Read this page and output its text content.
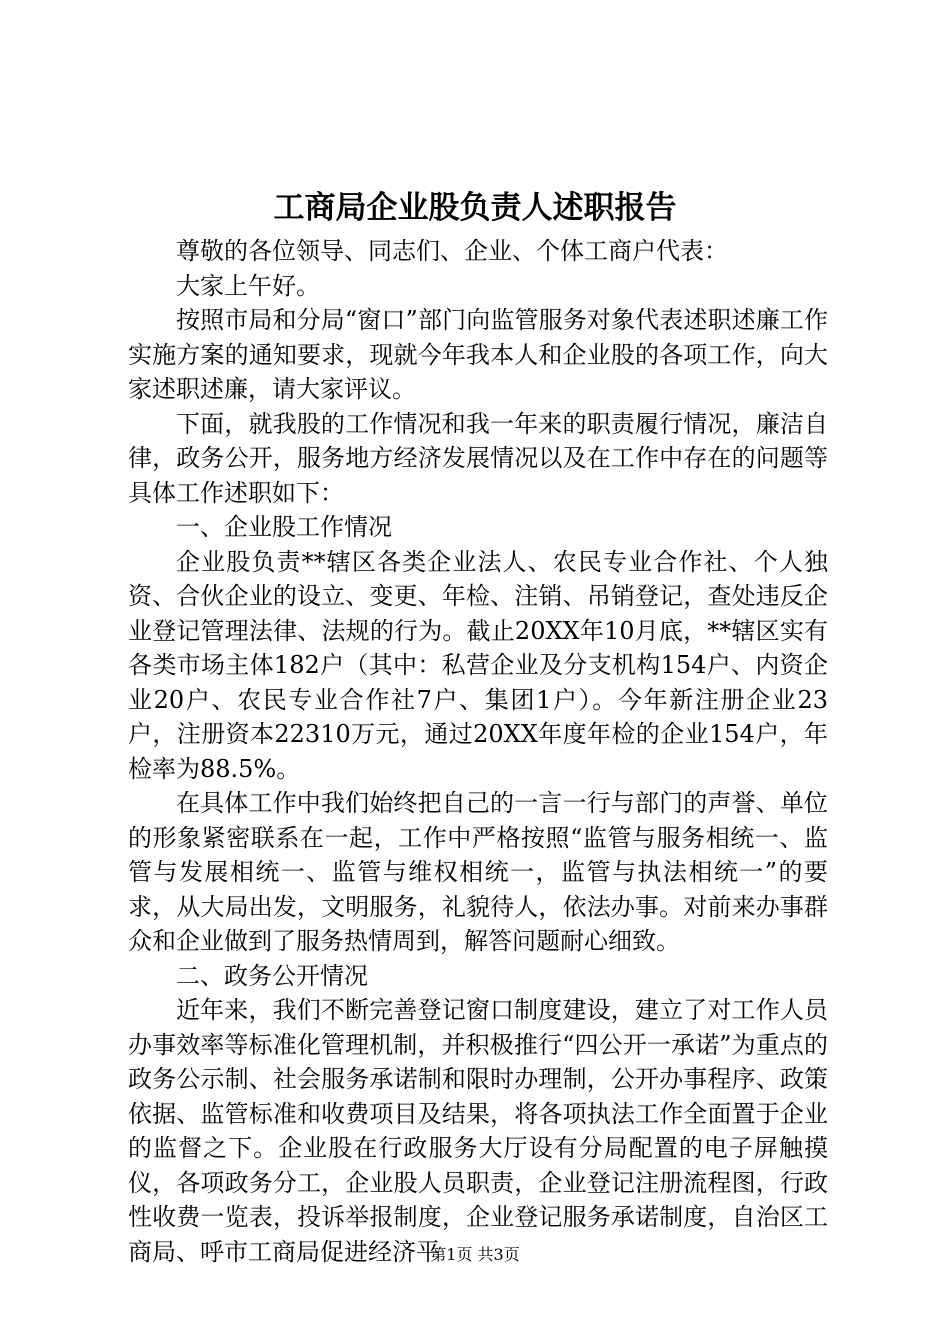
工商局企业股负责人述职报告

尊敬的各位领导、同志们、企业、个体工商户代表：

大家上午好。

按照市局和分局“窗口”部门向监管服务对象代表述职述廉工作实施方案的通知要求，现就今年我本人和企业股的各项工作，向大家述职述廉，请大家评议。

下面，就我股的工作情况和我一年来的职责履行情况，廉洁自律，政务公开，服务地方经济发展情况以及在工作中存在的问题等具体工作述职如下：

一、企业股工作情况

企业股负责**辖区各类企业法人、农民专业合作社、个人独资、合伙企业的设立、变更、年检、注销、吊销登记，查处违反企业登记管理法律、法规的行为。截止20XX年10月底，**辖区实有各类市场主体182户（其中：私营企业及分支机构154户、内资企业20户、农民专业合作社7户、集团1户）。今年新注册企业23户，注册资本22310万元，通过20XX年度年检的企业154户，年检率为88.5%。

在具体工作中我们始终把自己的一言一行与部门的声誉、单位的形象紧密联系在一起，工作中严格按照“监管与服务相统一、监管与发展相统一、监管与维权相统一，监管与执法相统一”的要求，从大局出发，文明服务，礼貌待人，依法办事。对前来办事群众和企业做到了服务热情周到，解答问题耐心细致。

二、政务公开情况

近年来，我们不断完善登记窗口制度建设，建立了对工作人员办事效率等标准化管理机制，并积极推行“四公开一承诺”为重点的政务公示制、社会服务承诺制和限时办理制，公开办事程序、政策依据、监管标准和收费项目及结果，将各项执法工作全面置于企业的监督之下。企业股在行政服务大厅设有分局配置的电子屏触摸仪，各项政务分工，企业股人员职责，企业登记注册流程图，行政性收费一览表，投诉举报制度，企业登记服务承诺制度，自治区工商局、呼市工商局促进经济平

第1页 共3页
